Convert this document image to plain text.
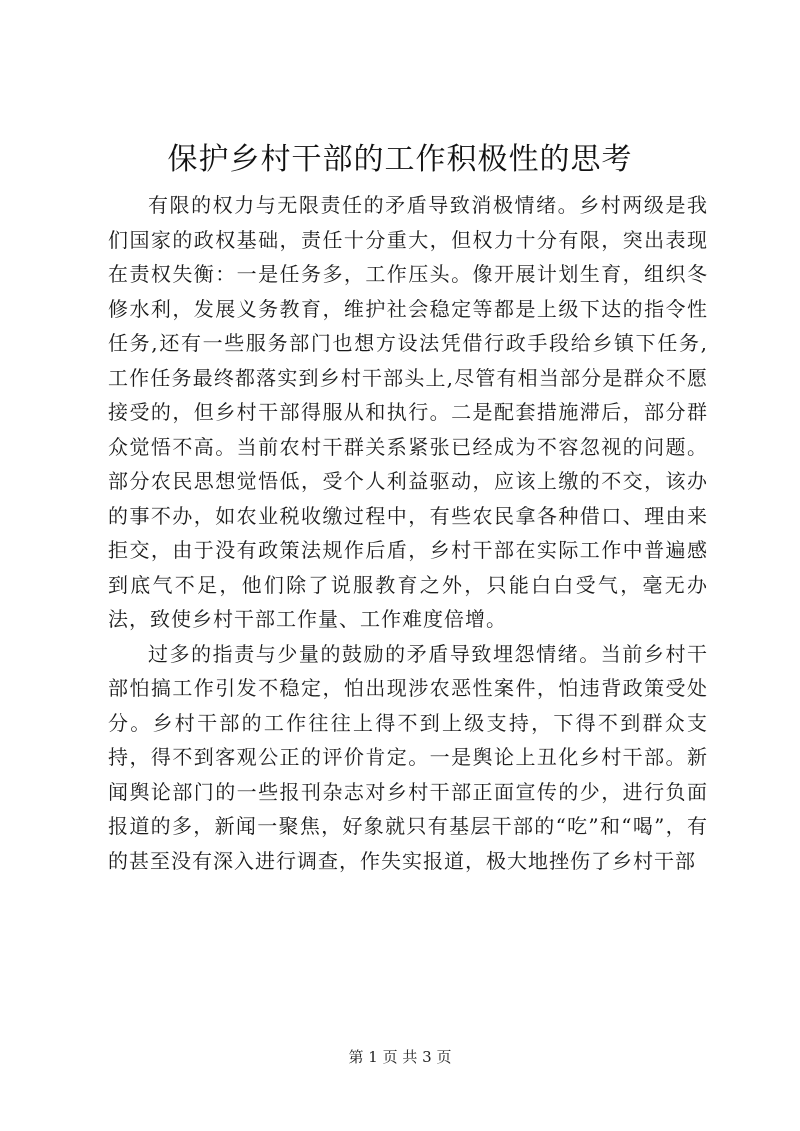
保护乡村干部的工作积极性的思考

有限的权力与无限责任的矛盾导致消极情绪。乡村两级是我们国家的政权基础，责任十分重大，但权力十分有限，突出表现在责权失衡：一是任务多，工作压头。像开展计划生育，组织冬修水利，发展义务教育，维护社会稳定等都是上级下达的指令性任务,还有一些服务部门也想方设法凭借行政手段给乡镇下任务,工作任务最终都落实到乡村干部头上,尽管有相当部分是群众不愿接受的，但乡村干部得服从和执行。二是配套措施滞后，部分群众觉悟不高。当前农村干群关系紧张已经成为不容忽视的问题。部分农民思想觉悟低，受个人利益驱动，应该上缴的不交，该办的事不办，如农业税收缴过程中，有些农民拿各种借口、理由来拒交，由于没有政策法规作后盾，乡村干部在实际工作中普遍感到底气不足，他们除了说服教育之外，只能白白受气，毫无办法，致使乡村干部工作量、工作难度倍增。

过多的指责与少量的鼓励的矛盾导致埋怨情绪。当前乡村干部怕搞工作引发不稳定，怕出现涉农恶性案件，怕违背政策受处分。乡村干部的工作往往上得不到上级支持，下得不到群众支持，得不到客观公正的评价肯定。一是舆论上丑化乡村干部。新闻舆论部门的一些报刊杂志对乡村干部正面宣传的少，进行负面报道的多，新闻一聚焦，好象就只有基层干部的“吃”和“喝”，有的甚至没有深入进行调查，作失实报道，极大地挫伤了乡村干部

第 1 页 共 3 页
